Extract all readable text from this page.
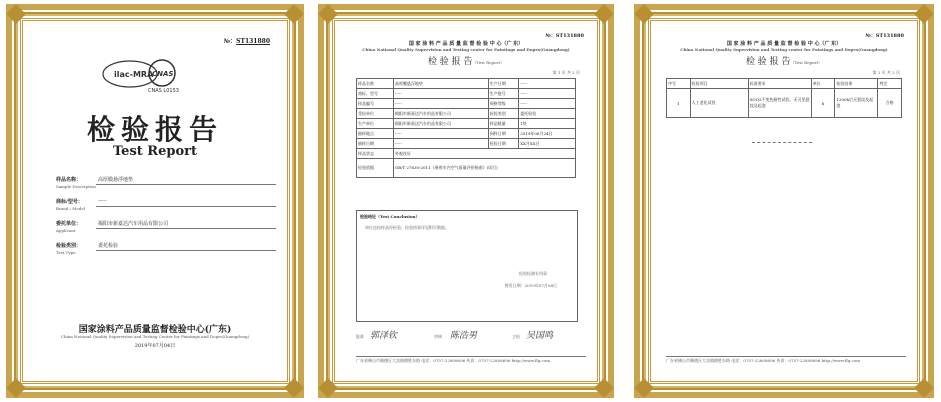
№：ST131880
ilac-MRA
CNAS
CNAS L0153
检验报告
Test Report
样品名称：
Sample Description
高厚膜悬浮地垫
商标/型号：
Brand / Model
-----
委托单位：
Applicant
揭阳市新嘉达汽车用品有限公司
检验类别：
Test Type
委托检验
国家涂料产品质量监督检验中心(广东)
China National Quality Supervision and Testing Center for Paintings and Dopes(Guangdong)
2019年07月04日
№：ST131880
国 家 涂 料 产 品 质 量 监 督 检 验 中 心（广 东）
China National Quality Supervision and Testing center for Paintings and Dopes(Guangdong)
检 验 报 告（Test Report）
第 1 页 共 2 页
样品名称	高厚膜悬浮地垫	生产日期	-----
商标、型号	-----	生产批号	-----
样品编号	-----	规格等级	-----
受检单位	揭阳市新嘉达汽车用品有限公司	检验类别	委托检验
生产单位	揭阳市新嘉达汽车用品有限公司	样品数量	1块
抽样地点	-----	到样日期	2019年06月24日
抽样日期	-----	检验日期	XX月XX日
样品状态	外观良好		
检验依据	GB/T 27630-2011《乘用车内空气质量评价指南》(试行)		
检验结论（Test Conclusion）
单位送检样品经检验，检验结果详见附页数据。
检验检测专用章
签发日期：2019年07月04日
批准 郭泽钦	审核 陈浩男	主检 吴国鸣
广东省佛山市顺德区大良镇德胜东路 电话：0757-22808696 传真：0757-22808696 http://www.flg.com
№：ST131880
国 家 涂 料 产 品 质 量 监 督 检 验 中 心（广 东）
China National Quality Supervision and Testing center for Paintings and Dopes(Guangdong)
检 验 报 告（Test Report）
第 2 页 共 2 页
序号	检验项目	标准要求	单位	检验结果	判定
1	人工老化试验	SOO2不变色耐性试验，无可见裂纹及起泡	h	1200h后无裂纹及起泡	合格
广东省佛山市顺德区大良镇德胜东路 电话：0757-22808696 传真：0757-22808696 http://www.flg.com
